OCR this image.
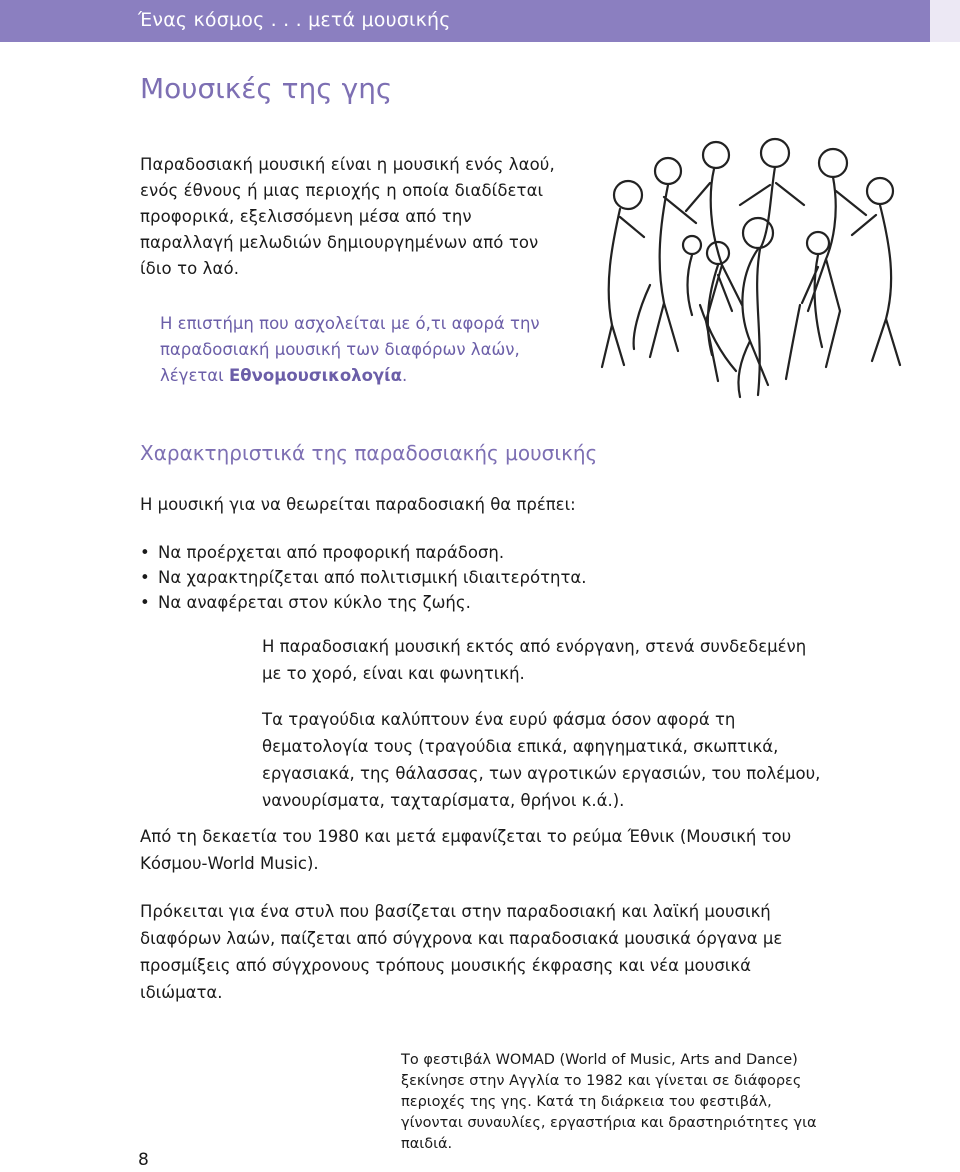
Ένας κόσμος . . . μετά μουσικής
Μουσικές της γης

Παραδοσιακή μουσική είναι η μουσική ενός λαού, ενός έθνους ή μιας περιοχής η οποία διαδίδεται προφορικά, εξελισσόμενη μέσα από την παραλλαγή μελωδιών δημιουργημένων από τον ίδιο το λαό.

Η επιστήμη που ασχολείται με ό,τι αφορά την παραδοσιακή μουσική των διαφόρων λαών, λέγεται Εθνομουσικολογία.

Χαρακτηριστικά της παραδοσιακής μουσικής

Η μουσική για να θεωρείται παραδοσιακή θα πρέπει:

• Να προέρχεται από προφορική παράδοση.
• Να χαρακτηρίζεται από πολιτισμική ιδιαιτερότητα.
• Να αναφέρεται στον κύκλο της ζωής.

Η παραδοσιακή μουσική εκτός από ενόργανη, στενά συνδεδεμένη με το χορό, είναι και φωνητική.

Τα τραγούδια καλύπτουν ένα ευρύ φάσμα όσον αφορά τη θεματολογία τους (τραγούδια επικά, αφηγηματικά, σκωπτικά, εργασιακά, της θάλασσας, των αγροτικών εργασιών, του πολέμου, νανουρίσματα, ταχταρίσματα, θρήνοι κ.ά.).

Από τη δεκαετία του 1980 και μετά εμφανίζεται το ρεύμα Έθνικ (Μουσική του Κόσμου-World Music).

Πρόκειται για ένα στυλ που βασίζεται στην παραδοσιακή και λαϊκή μουσική διαφόρων λαών, παίζεται από σύγχρονα και παραδοσιακά μουσικά όργανα με προσμίξεις από σύγχρονους τρόπους μουσικής έκφρασης και νέα μουσικά ιδιώματα.

Το φεστιβάλ WOMAD (World of Music, Arts and Dance) ξεκίνησε στην Αγγλία το 1982 και γίνεται σε διάφορες περιοχές της γης. Κατά τη διάρκεια του φεστιβάλ, γίνονται συναυλίες, εργαστήρια και δραστηριότητες για παιδιά.

8
